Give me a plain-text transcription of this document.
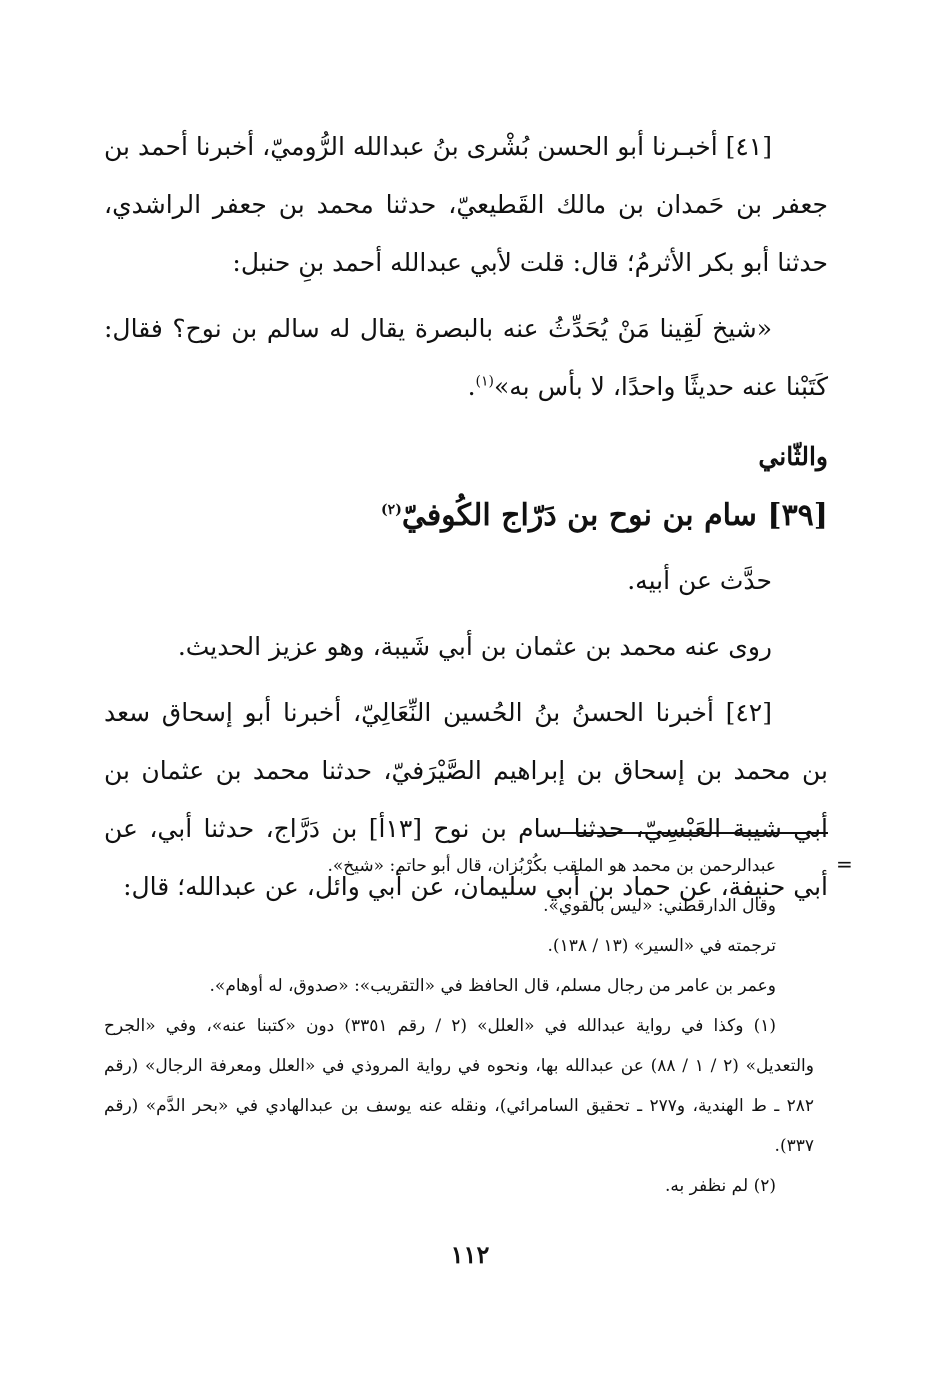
[٤١] أخبـرنا أبو الحسن بُشْرى بنُ عبدالله الرُّوميّ، أخبرنا أحمد بن جعفر بن حَمدان بن مالك القَطيعيّ، حدثنا محمد بن جعفر الراشدي، حدثنا أبو بكر الأثرمُ؛ قال: قلت لأبي عبدالله أحمد بنِ حنبل:

«شيخ لَقِينا مَنْ يُحَدِّثُ عنه بالبصرة يقال له سالم بن نوح؟ فقال: كَتَبْنا عنه حديثًا واحدًا، لا بأس به»$^{(١)}$.

والثّاني
[٣٩] سام بن نوح بن دَرّاج الكُوفيّ$^{(٢)}$

حدَّث عن أبيه.

روى عنه محمد بن عثمان بن أبي شَيبة، وهو عزيز الحديث.

[٤٢] أخبرنا الحسنُ بنُ الحُسين النِّعَالِيّ، أخبرنا أبو إسحاق سعد بن محمد بن إسحاق بن إبراهيم الصَّيْرَفيّ، حدثنا محمد بن عثمان بن أبي شيبة العَبْسِيّ، حدثنا سام بن نوح [١٣أ] بن دَرَّاج، حدثنا أبي، عن أبي حنيفة، عن حماد بن أبي سليمان، عن أبي وائل، عن عبدالله؛ قال:

=

عبدالرحمن بن محمد هو الملقب بكُرْبُزان، قال أبو حاتم: «شيخ».

وقال الدارقطني: «ليس بالقوي».

ترجمته في «السير» (١٣ / ١٣٨).

وعمر بن عامر من رجال مسلم، قال الحافظ في «التقريب»: «صدوق، له أوهام».

(١) وكذا في رواية عبدالله في «العلل» (٢ / رقم ٣٣٥١) دون «كتبنا عنه»، وفي «الجرح والتعديل» (٢ / ١ / ٨٨) عن عبدالله بها، ونحوه في رواية المروذي في «العلل ومعرفة الرجال» (رقم ٢٨٢ ـ ط الهندية، و٢٧٧ ـ تحقيق السامرائي)، ونقله عنه يوسف بن عبدالهادي في «بحر الدَّم» (رقم ٣٣٧).

(٢) لم نظفر به.

١١٢
